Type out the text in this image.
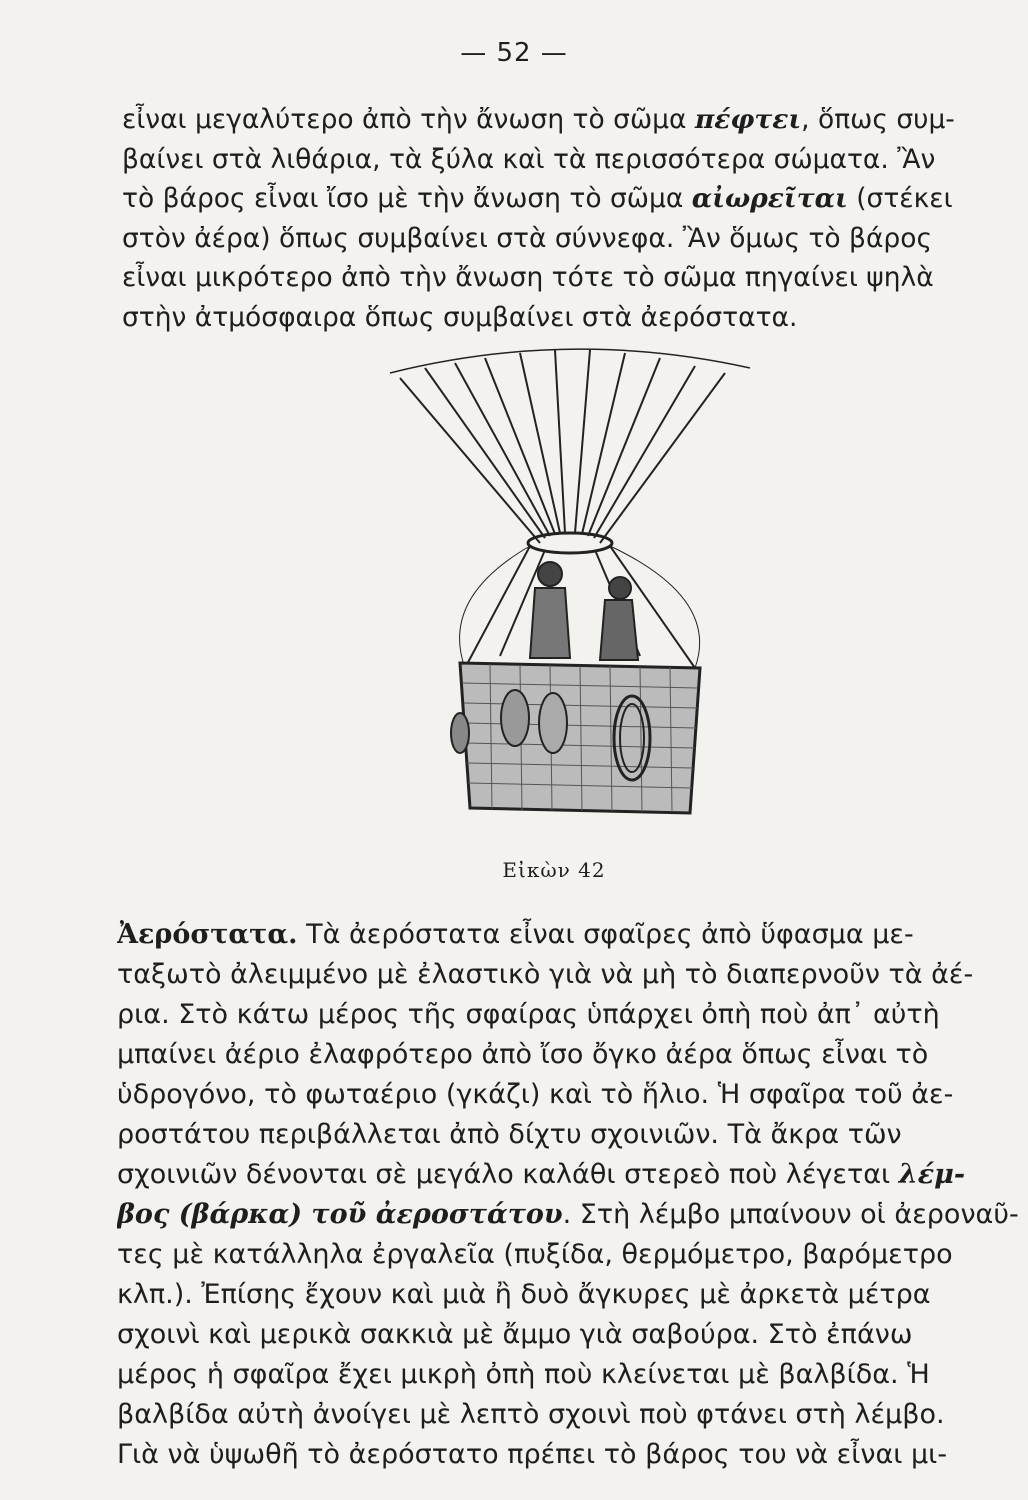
— 52 —
εἶναι μεγαλύτερο ἀπὸ τὴν ἄνωση τὸ σῶμα πέφτει, ὅπως συμ-
βαίνει στὰ λιθάρια, τὰ ξύλα καὶ τὰ περισσότερα σώματα. Ἂν
τὸ βάρος εἶναι ἴσο μὲ τὴν ἄνωση τὸ σῶμα αἰωρεῖται (στέκει
στὸν ἀέρα) ὅπως συμβαίνει στὰ σύννεφα. Ἂν ὅμως τὸ βάρος
εἶναι μικρότερο ἀπὸ τὴν ἄνωση τότε τὸ σῶμα πηγαίνει ψηλὰ
στὴν ἀτμόσφαιρα ὅπως συμβαίνει στὰ ἀερόστατα.
Εἰκὼν 42
Ἀερόστατα. Τὰ ἀερόστατα εἶναι σφαῖρες ἀπὸ ὕφασμα με-
ταξωτὸ ἀλειμμένο μὲ ἐλαστικὸ γιὰ νὰ μὴ τὸ διαπερνοῦν τὰ ἀέ-
ρια. Στὸ κάτω μέρος τῆς σφαίρας ὑπάρχει ὀπὴ ποὺ ἀπ᾽ αὐτὴ
μπαίνει ἀέριο ἐλαφρότερο ἀπὸ ἴσο ὄγκο ἀέρα ὅπως εἶναι τὸ
ὑδρογόνο, τὸ φωταέριο (γκάζι) καὶ τὸ ἥλιο. Ἡ σφαῖρα τοῦ ἀε-
ροστάτου περιβάλλεται ἀπὸ δίχτυ σχοινιῶν. Τὰ ἄκρα τῶν
σχοινιῶν δένονται σὲ μεγάλο καλάθι στερεὸ ποὺ λέγεται λέμ-
βος (βάρκα) τοῦ ἀεροστάτου. Στὴ λέμβο μπαίνουν οἱ ἀεροναῦ-
τες μὲ κατάλληλα ἐργαλεῖα (πυξίδα, θερμόμετρο, βαρόμετρο
κλπ.). Ἐπίσης ἔχουν καὶ μιὰ ἢ δυὸ ἄγκυρες μὲ ἀρκετὰ μέτρα
σχοινὶ καὶ μερικὰ σακκιὰ μὲ ἄμμο γιὰ σαβούρα. Στὸ ἐπάνω
μέρος ἡ σφαῖρα ἔχει μικρὴ ὀπὴ ποὺ κλείνεται μὲ βαλβίδα. Ἡ
βαλβίδα αὐτὴ ἀνοίγει μὲ λεπτὸ σχοινὶ ποὺ φτάνει στὴ λέμβο.
Γιὰ νὰ ὑψωθῆ τὸ ἀερόστατο πρέπει τὸ βάρος του νὰ εἶναι μι-
